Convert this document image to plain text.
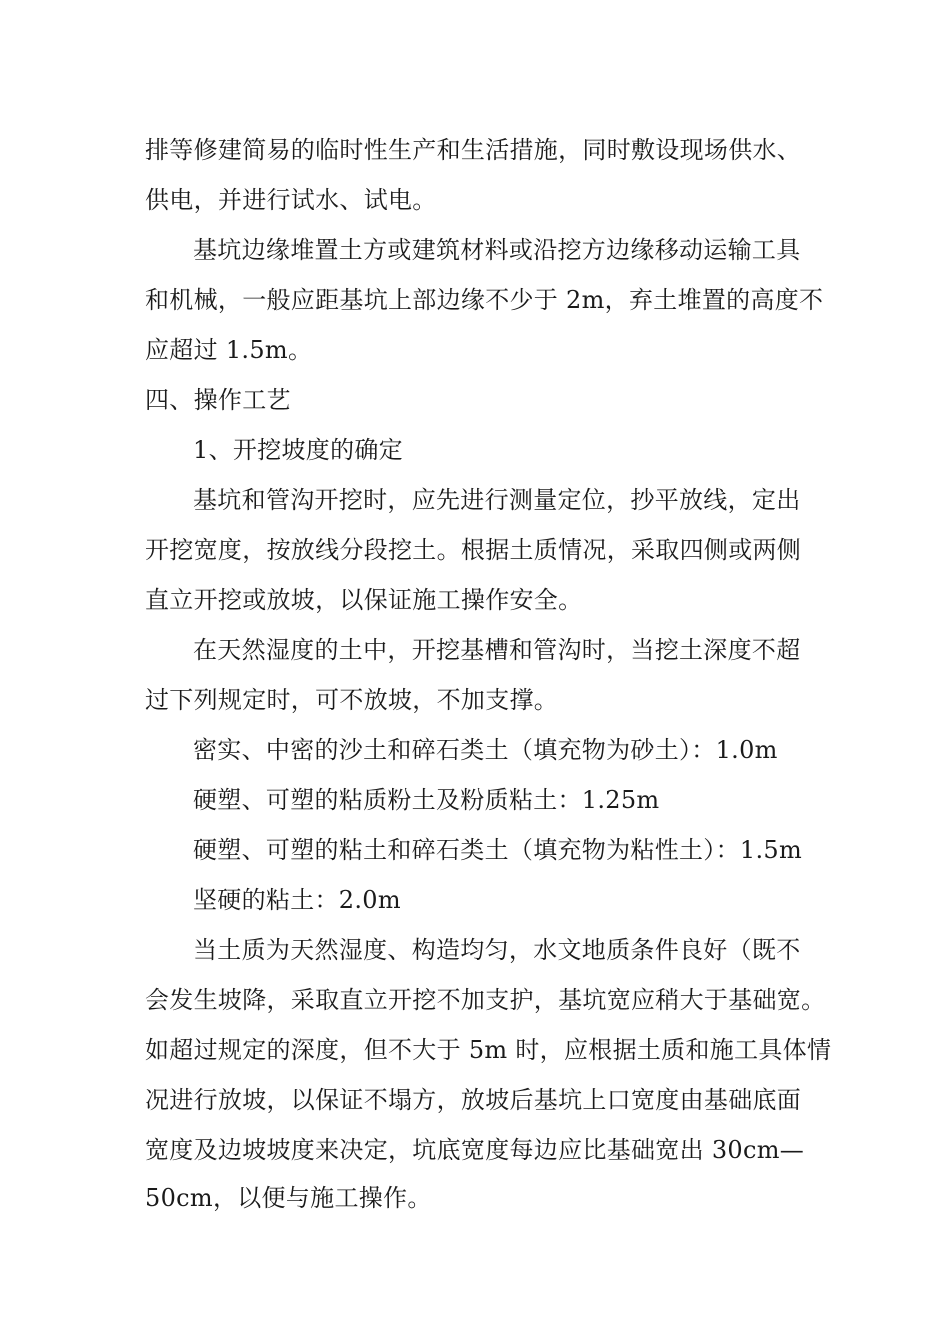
排等修建简易的临时性生产和生活措施，同时敷设现场供水、
供电，并进行试水、试电。
基坑边缘堆置土方或建筑材料或沿挖方边缘移动运输工具
和机械，一般应距基坑上部边缘不少于 2m，弃土堆置的高度不
应超过 1.5m。
四、操作工艺
1、开挖坡度的确定
基坑和管沟开挖时，应先进行测量定位，抄平放线，定出
开挖宽度，按放线分段挖土。根据土质情况，采取四侧或两侧
直立开挖或放坡，以保证施工操作安全。
在天然湿度的土中，开挖基槽和管沟时，当挖土深度不超
过下列规定时，可不放坡，不加支撑。
密实、中密的沙土和碎石类土（填充物为砂土）：1.0m
硬塑、可塑的粘质粉土及粉质粘土：1.25m
硬塑、可塑的粘土和碎石类土（填充物为粘性土）：1.5m
坚硬的粘土：2.0m
当土质为天然湿度、构造均匀，水文地质条件良好（既不
会发生坡降，采取直立开挖不加支护，基坑宽应稍大于基础宽。
如超过规定的深度，但不大于 5m 时，应根据土质和施工具体情
况进行放坡，以保证不塌方，放坡后基坑上口宽度由基础底面
宽度及边坡坡度来决定，坑底宽度每边应比基础宽出 30cm—
50cm，以便与施工操作。
